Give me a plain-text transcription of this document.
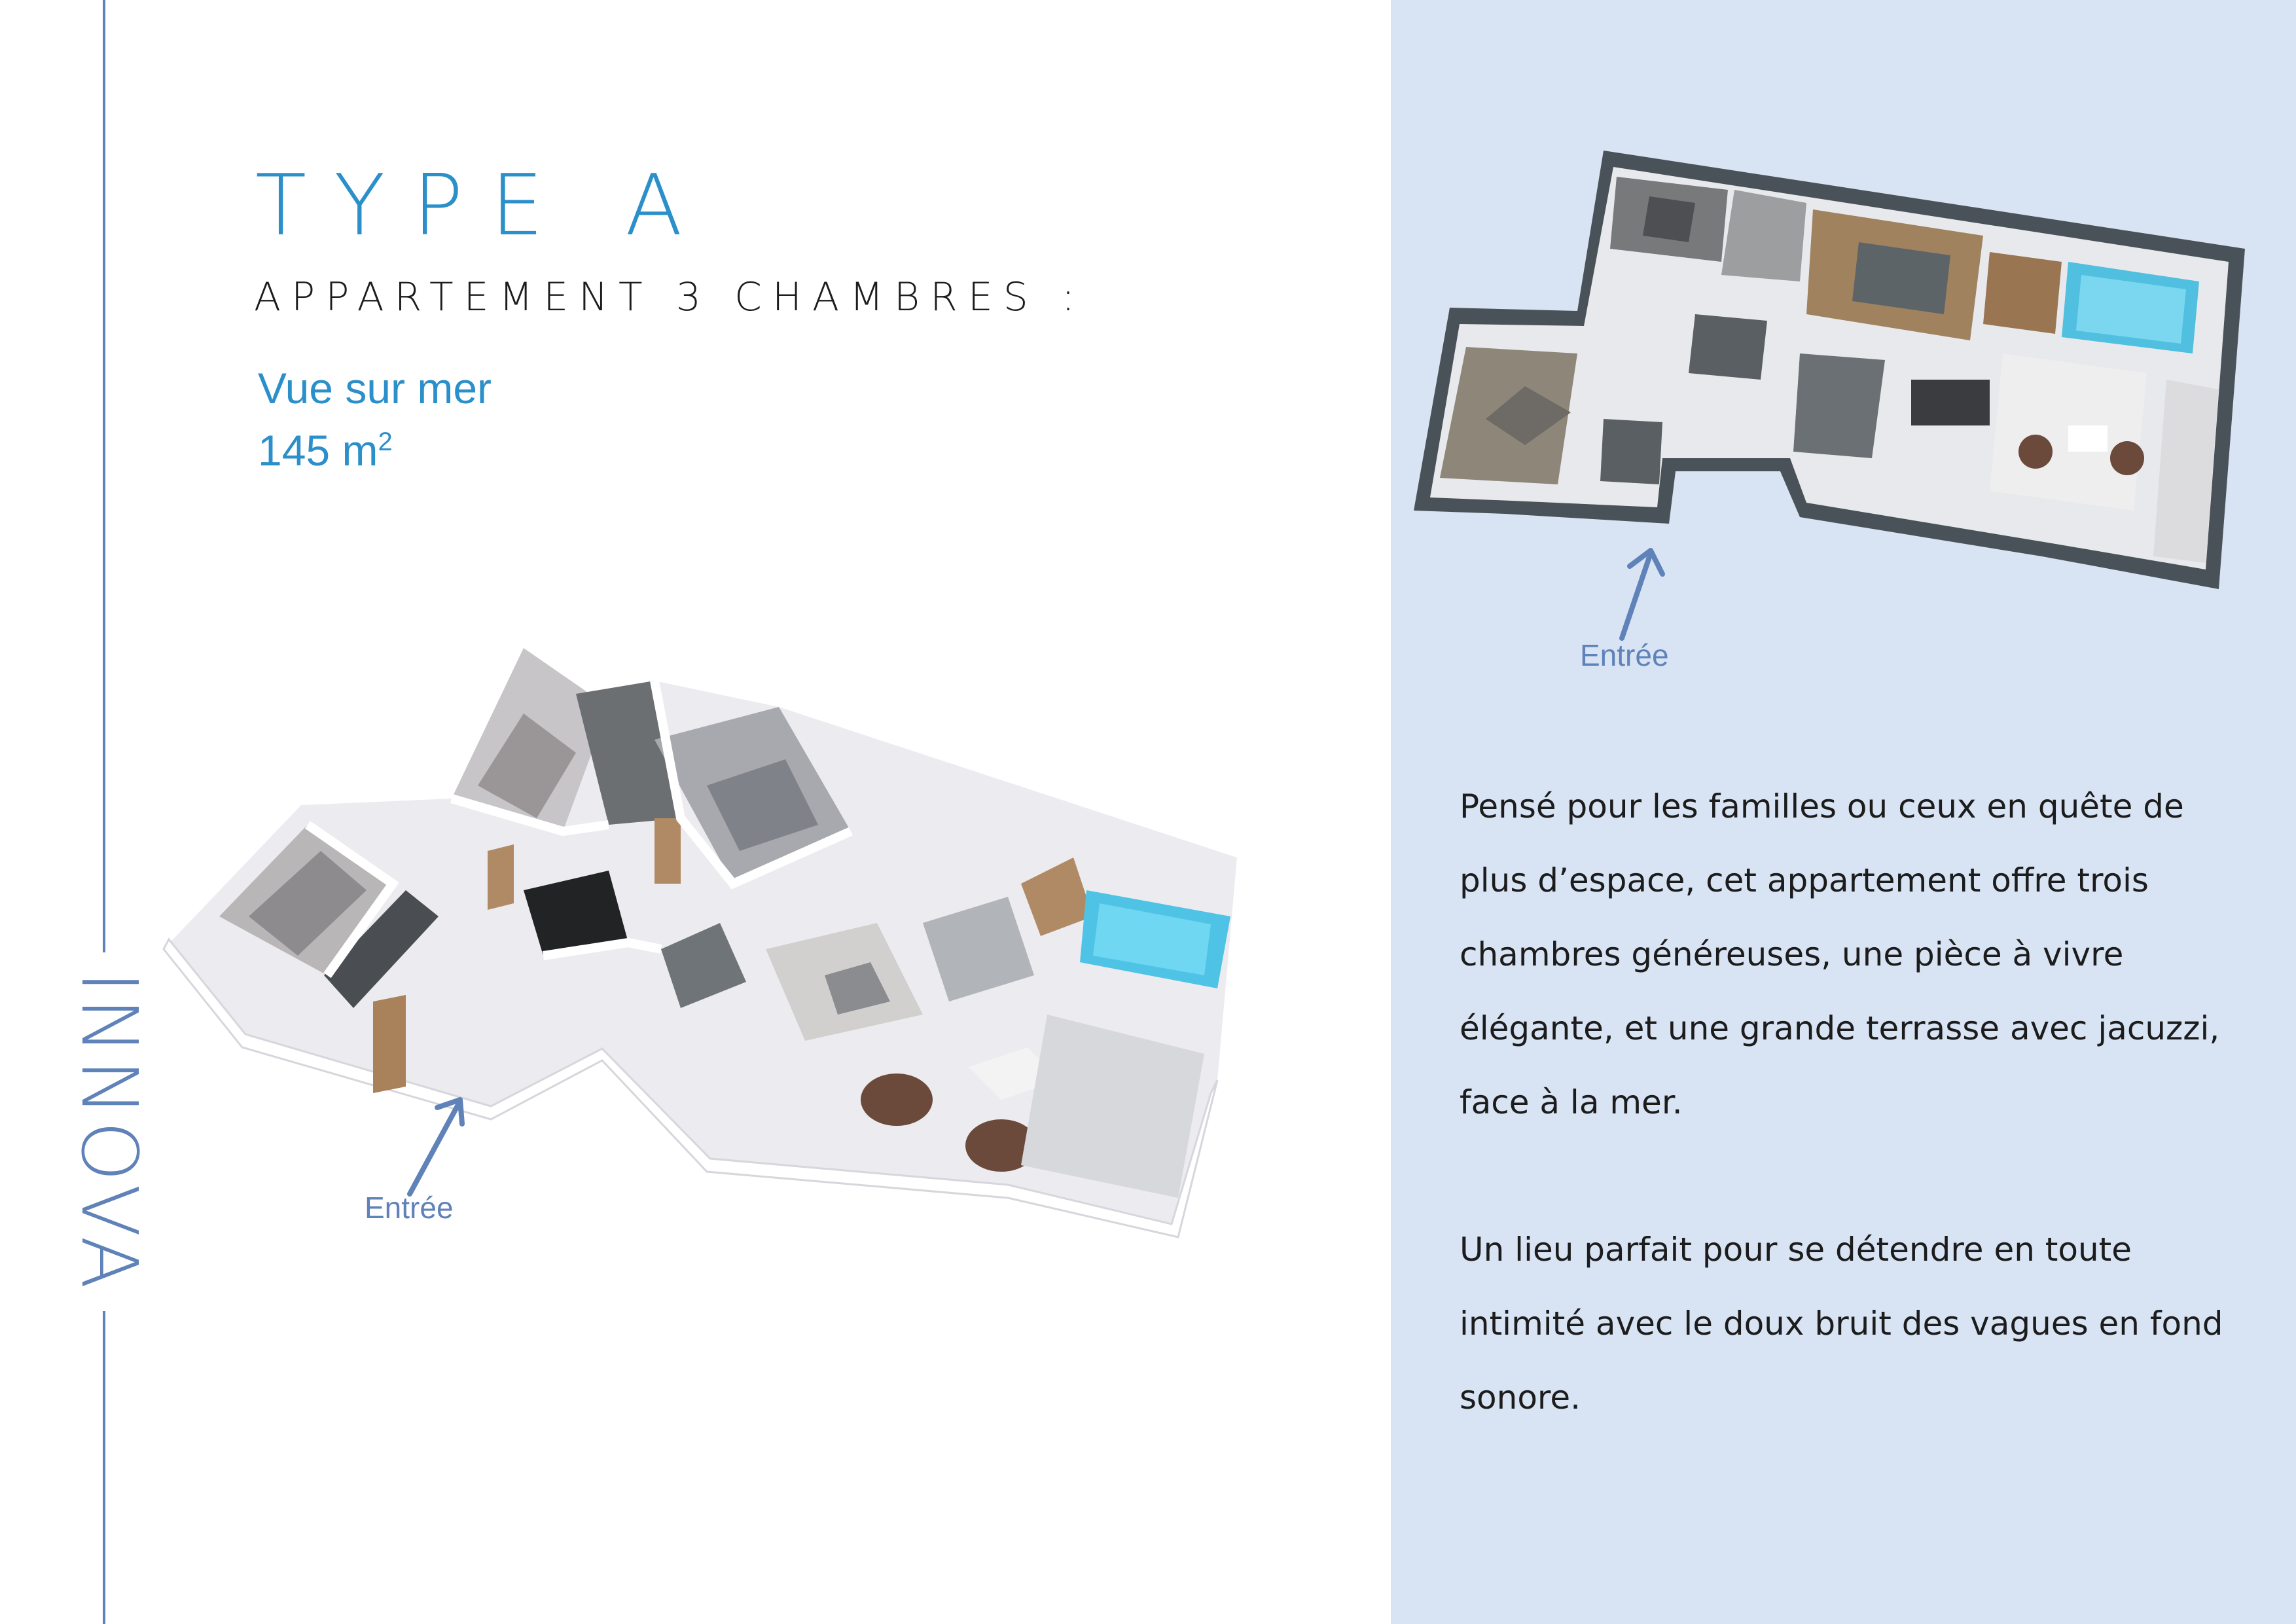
INNOVA
TYPE A

APPARTEMENT 3 CHAMBRES :

Vue sur mer

145 $m^2$

Entrée

Entrée

Pensé pour les familles ou ceux en quête de plus d’espace, cet appartement offre trois chambres généreuses, une pièce à vivre élégante, et une grande terrasse avec jacuzzi, face à la mer.

Un lieu parfait pour se détendre en toute intimité avec le doux bruit des vagues en fond sonore.
